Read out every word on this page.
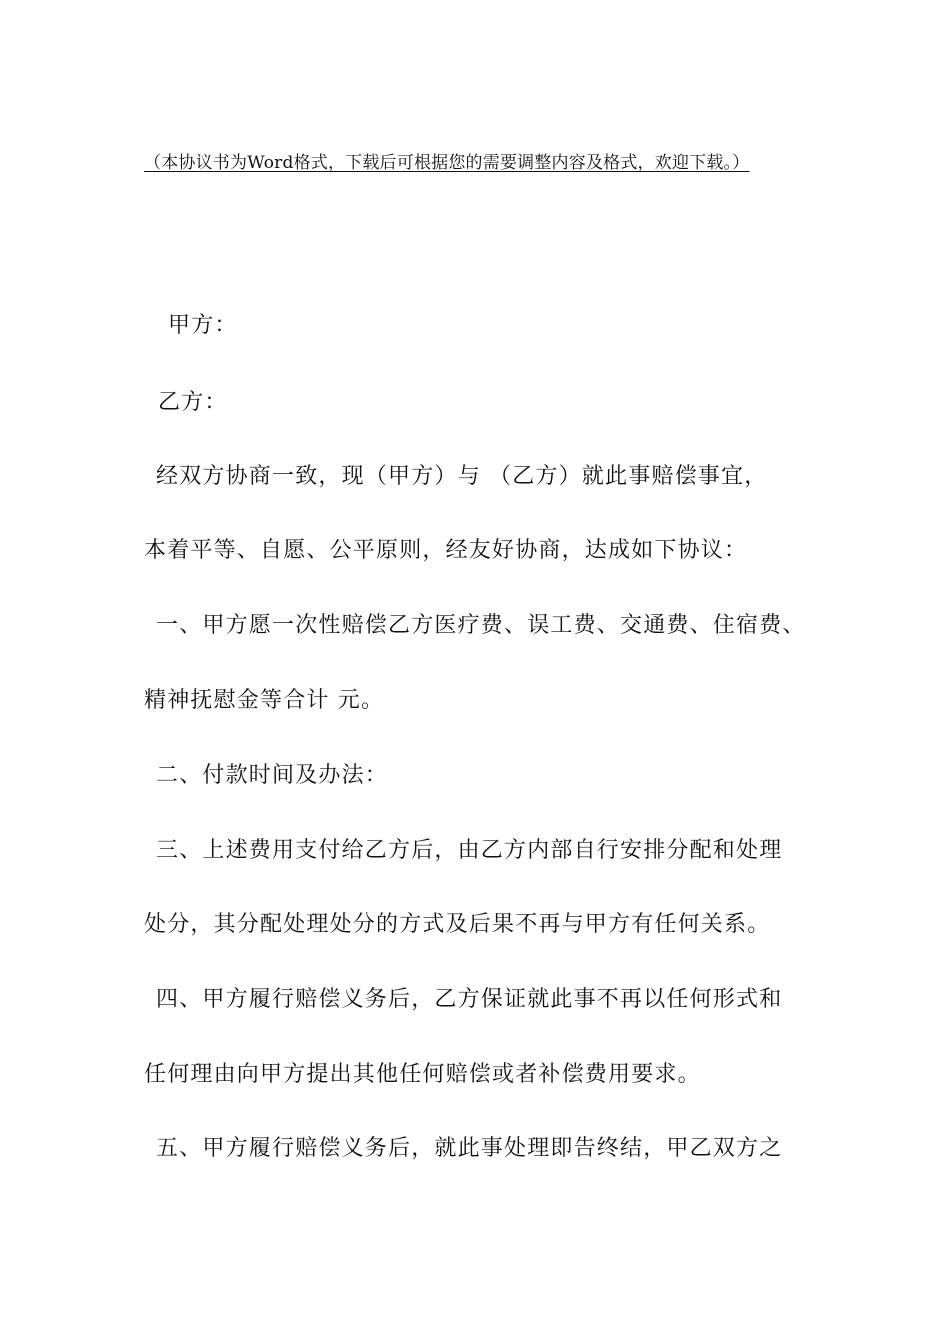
（本协议书为Word格式，下载后可根据您的需要调整内容及格式，欢迎下载。）
甲方：
乙方：
经双方协商一致，现（甲方）与 （乙方）就此事赔偿事宜，
本着平等、自愿、公平原则，经友好协商，达成如下协议：
一、甲方愿一次性赔偿乙方医疗费、误工费、交通费、住宿费、
精神抚慰金等合计 元。
二、付款时间及办法：
三、上述费用支付给乙方后，由乙方内部自行安排分配和处理
处分，其分配处理处分的方式及后果不再与甲方有任何关系。
四、甲方履行赔偿义务后，乙方保证就此事不再以任何形式和
任何理由向甲方提出其他任何赔偿或者补偿费用要求。
五、甲方履行赔偿义务后，就此事处理即告终结，甲乙双方之
